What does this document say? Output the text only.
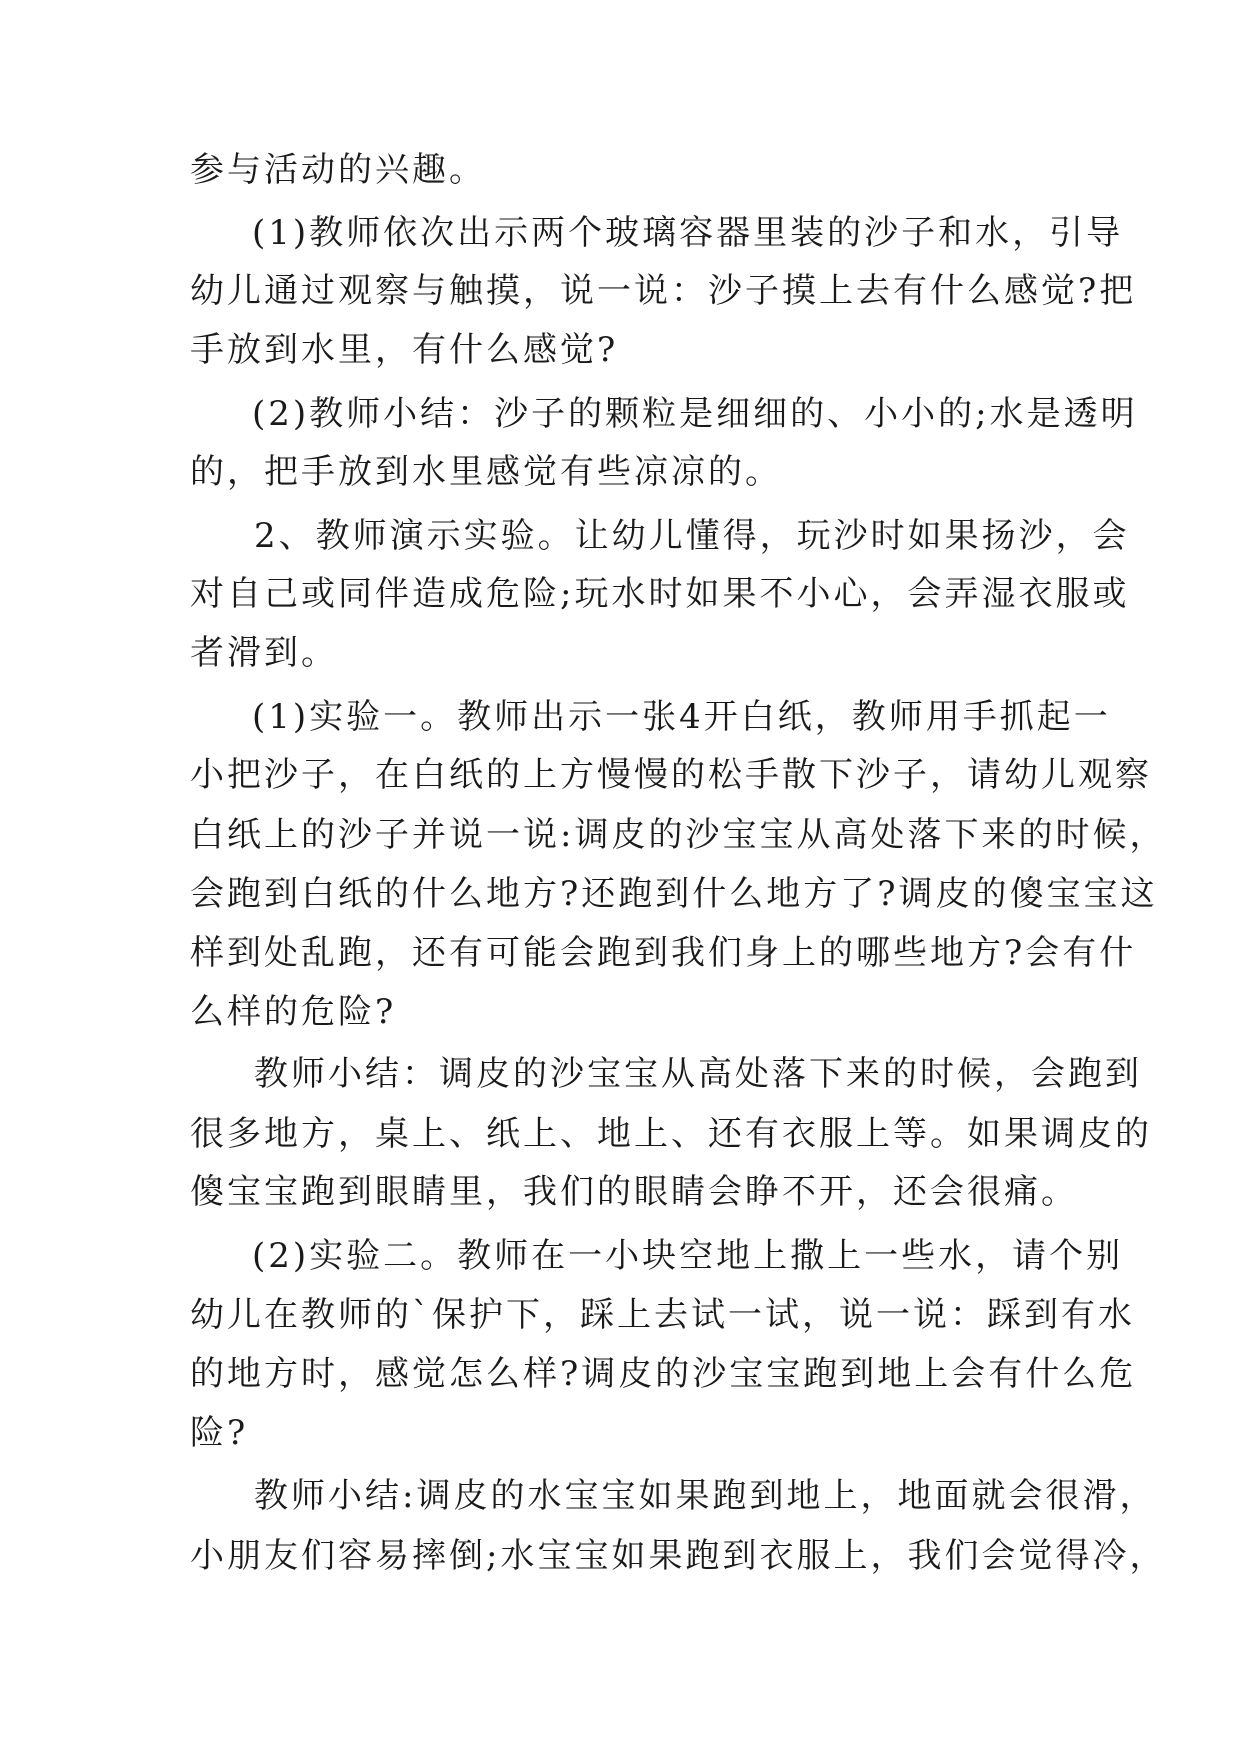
参与活动的兴趣。
(1)教师依次出示两个玻璃容器里装的沙子和水，引导
幼儿通过观察与触摸，说一说：沙子摸上去有什么感觉?把
手放到水里，有什么感觉?
(2)教师小结：沙子的颗粒是细细的、小小的;水是透明
的，把手放到水里感觉有些凉凉的。
2、教师演示实验。让幼儿懂得，玩沙时如果扬沙，会
对自己或同伴造成危险;玩水时如果不小心，会弄湿衣服或
者滑到。
(1)实验一。教师出示一张4开白纸，教师用手抓起一
小把沙子，在白纸的上方慢慢的松手散下沙子，请幼儿观察
白纸上的沙子并说一说:调皮的沙宝宝从高处落下来的时候，
会跑到白纸的什么地方?还跑到什么地方了?调皮的傻宝宝这
样到处乱跑，还有可能会跑到我们身上的哪些地方?会有什
么样的危险?
教师小结：调皮的沙宝宝从高处落下来的时候，会跑到
很多地方，桌上、纸上、地上、还有衣服上等。如果调皮的
傻宝宝跑到眼睛里，我们的眼睛会睁不开，还会很痛。
(2)实验二。教师在一小块空地上撒上一些水，请个别
幼儿在教师的`保护下，踩上去试一试，说一说：踩到有水
的地方时，感觉怎么样?调皮的沙宝宝跑到地上会有什么危
险?
教师小结:调皮的水宝宝如果跑到地上，地面就会很滑，
小朋友们容易摔倒;水宝宝如果跑到衣服上，我们会觉得冷，
